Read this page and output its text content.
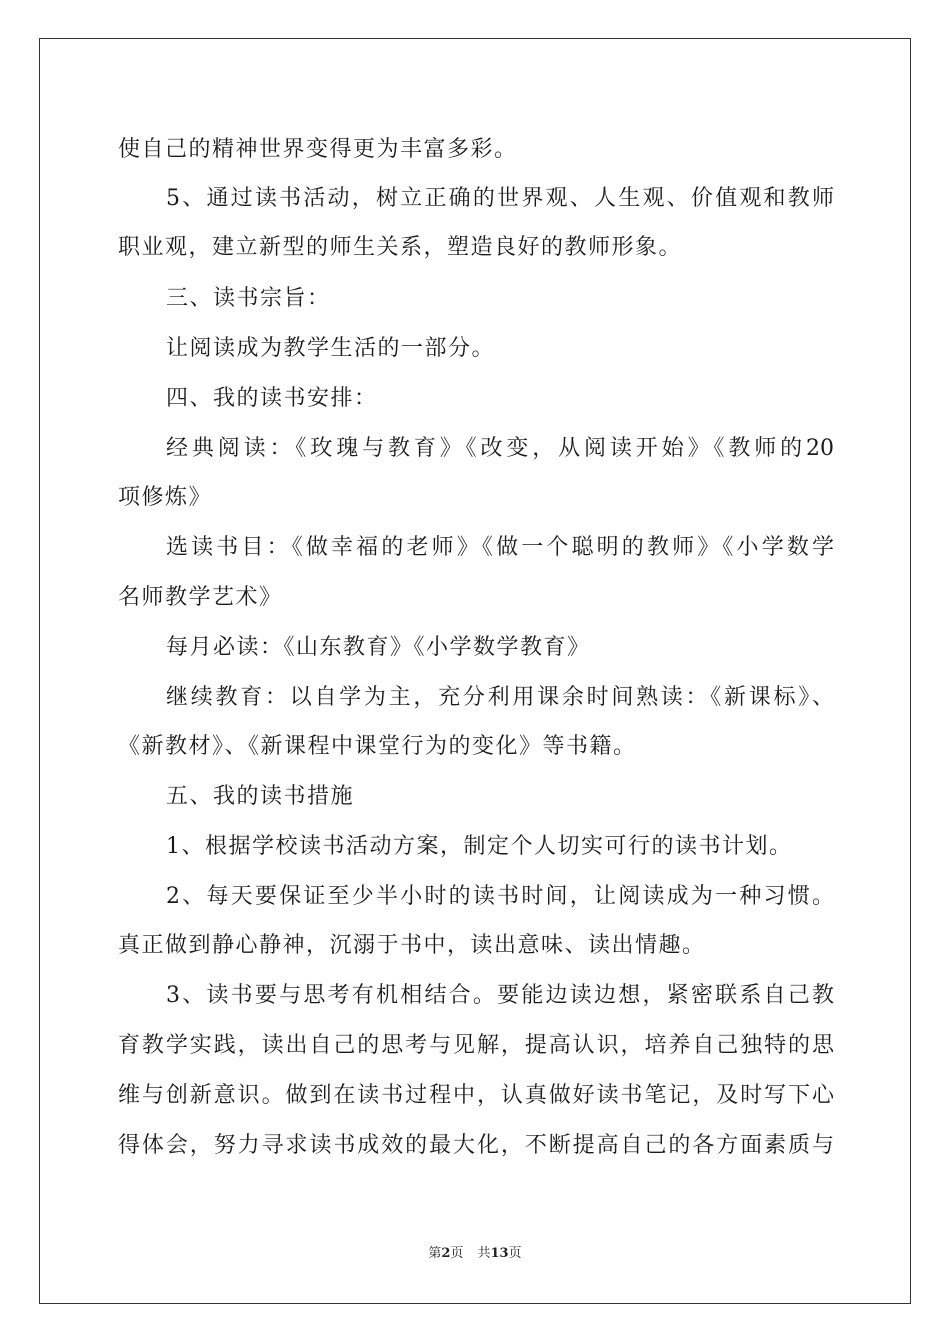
使自己的精神世界变得更为丰富多彩。
5、通过读书活动，树立正确的世界观、人生观、价值观和教师
职业观，建立新型的师生关系，塑造良好的教师形象。
三、读书宗旨：
让阅读成为教学生活的一部分。
四、我的读书安排：
经典阅读：《玫瑰与教育》《改变，从阅读开始》《教师的20
项修炼》
选读书目：《做幸福的老师》《做一个聪明的教师》《小学数学
名师教学艺术》
每月必读：《山东教育》《小学数学教育》
继续教育：以自学为主，充分利用课余时间熟读：《新课标》、
《新教材》、《新课程中课堂行为的变化》等书籍。
五、我的读书措施
1、根据学校读书活动方案，制定个人切实可行的读书计划。
2、每天要保证至少半小时的读书时间，让阅读成为一种习惯。
真正做到静心静神，沉溺于书中，读出意味、读出情趣。
3、读书要与思考有机相结合。要能边读边想，紧密联系自己教
育教学实践，读出自己的思考与见解，提高认识，培养自己独特的思
维与创新意识。做到在读书过程中，认真做好读书笔记，及时写下心
得体会，努力寻求读书成效的最大化，不断提高自己的各方面素质与
第2页 共13页
